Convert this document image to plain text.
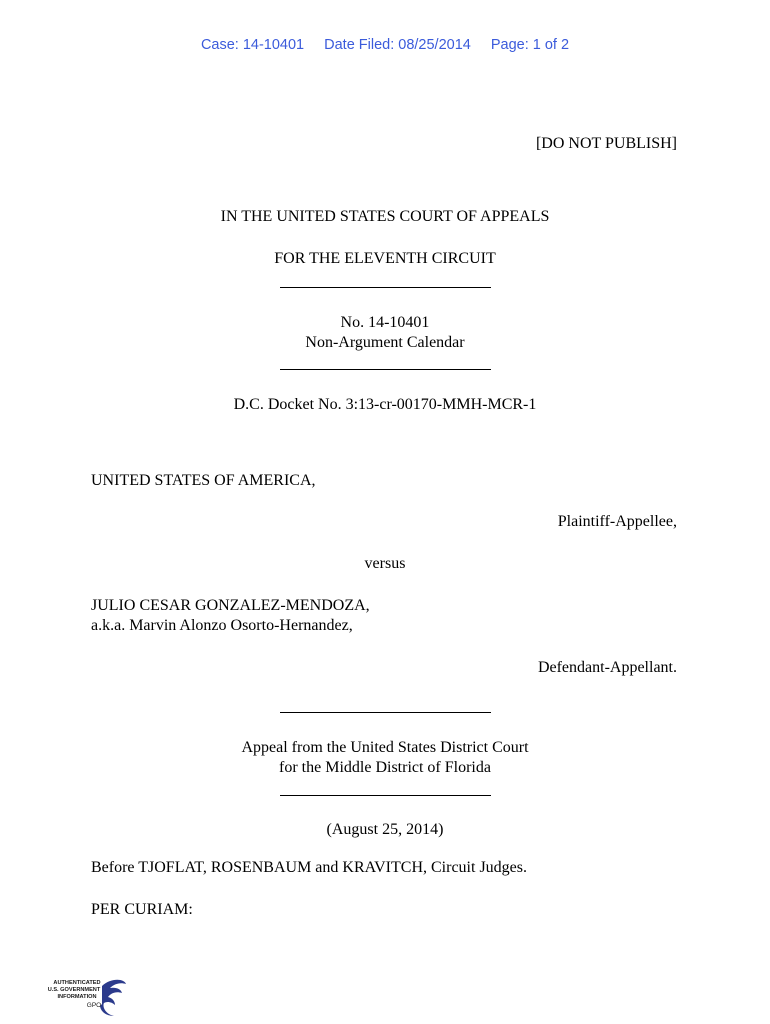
Case: 14-10401 Date Filed: 08/25/2014 Page: 1 of 2
[DO NOT PUBLISH]
IN THE UNITED STATES COURT OF APPEALS
FOR THE ELEVENTH CIRCUIT
No. 14-10401
Non-Argument Calendar
D.C. Docket No. 3:13-cr-00170-MMH-MCR-1
UNITED STATES OF AMERICA,
Plaintiff-Appellee,
versus
JULIO CESAR GONZALEZ-MENDOZA,
a.k.a. Marvin Alonzo Osorto-Hernandez,
Defendant-Appellant.
Appeal from the United States District Court
for the Middle District of Florida
(August 25, 2014)
Before TJOFLAT, ROSENBAUM and KRAVITCH, Circuit Judges.
PER CURIAM:
AUTHENTICATED
U.S. GOVERNMENT
INFORMATION
GPO
